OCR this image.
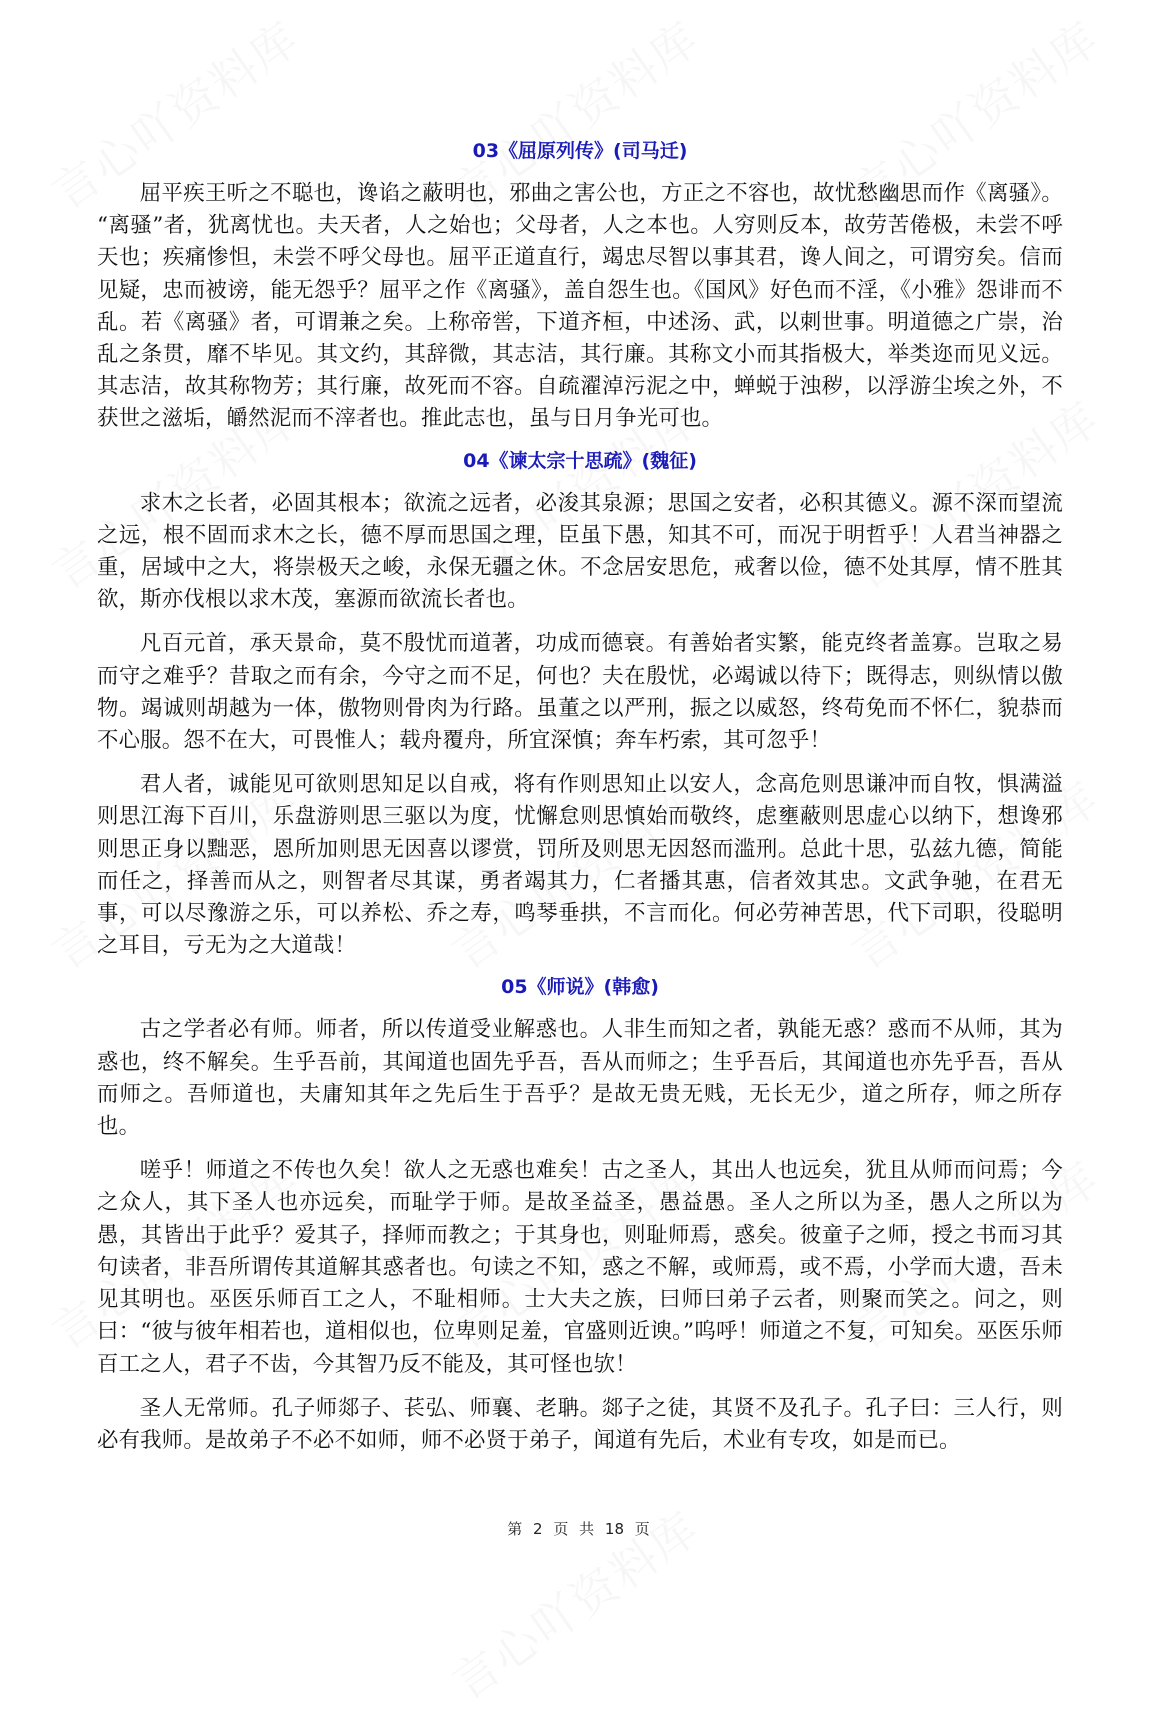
03《屈原列传》(司马迁)

屈平疾王听之不聪也，谗谄之蔽明也，邪曲之害公也，方正之不容也，故忧愁幽思而作《离骚》。 “离骚”者，犹离忧也。夫天者，人之始也；父母者，人之本也。人穷则反本，故劳苦倦极，未尝不呼天也；疾痛惨怛，未尝不呼父母也。屈平正道直行，竭忠尽智以事其君，谗人间之，可谓穷矣。信而见疑，忠而被谤，能无怨乎？屈平之作《离骚》，盖自怨生也。《国风》好色而不淫，《小雅》怨诽而不乱。若《离骚》者，可谓兼之矣。上称帝喾，下道齐桓，中述汤、武，以刺世事。明道德之广崇，治乱之条贯，靡不毕见。其文约，其辞微，其志洁，其行廉。其称文小而其指极大，举类迩而见义远。其志洁，故其称物芳；其行廉，故死而不容。自疏濯淖污泥之中，蝉蜕于浊秽，以浮游尘埃之外，不获世之滋垢，皭然泥而不滓者也。推此志也，虽与日月争光可也。

04《谏太宗十思疏》(魏征)

求木之长者，必固其根本；欲流之远者，必浚其泉源；思国之安者，必积其德义。源不深而望流之远，根不固而求木之长，德不厚而思国之理，臣虽下愚，知其不可，而况于明哲乎！人君当神器之重，居域中之大，将崇极天之峻，永保无疆之休。不念居安思危，戒奢以俭，德不处其厚，情不胜其欲，斯亦伐根以求木茂，塞源而欲流长者也。

凡百元首，承天景命，莫不殷忧而道著，功成而德衰。有善始者实繁，能克终者盖寡。岂取之易而守之难乎？昔取之而有余，今守之而不足，何也？夫在殷忧，必竭诚以待下；既得志，则纵情以傲物。竭诚则胡越为一体，傲物则骨肉为行路。虽董之以严刑，振之以威怒，终苟免而不怀仁，貌恭而不心服。怨不在大，可畏惟人；载舟覆舟，所宜深慎；奔车朽索，其可忽乎！

君人者，诚能见可欲则思知足以自戒，将有作则思知止以安人，念高危则思谦冲而自牧，惧满溢则思江海下百川，乐盘游则思三驱以为度，忧懈怠则思慎始而敬终，虑壅蔽则思虚心以纳下，想谗邪则思正身以黜恶，恩所加则思无因喜以谬赏，罚所及则思无因怒而滥刑。总此十思，弘兹九德，简能而任之，择善而从之，则智者尽其谋，勇者竭其力，仁者播其惠，信者效其忠。文武争驰，在君无事，可以尽豫游之乐，可以养松、乔之寿，鸣琴垂拱，不言而化。何必劳神苦思，代下司职，役聪明之耳目，亏无为之大道哉！

05《师说》(韩愈)

古之学者必有师。师者，所以传道受业解惑也。人非生而知之者，孰能无惑？惑而不从师，其为惑也，终不解矣。生乎吾前，其闻道也固先乎吾，吾从而师之；生乎吾后，其闻道也亦先乎吾，吾从而师之。吾师道也，夫庸知其年之先后生于吾乎？是故无贵无贱，无长无少，道之所存，师之所存也。

嗟乎！师道之不传也久矣！欲人之无惑也难矣！古之圣人，其出人也远矣，犹且从师而问焉；今之众人，其下圣人也亦远矣，而耻学于师。是故圣益圣，愚益愚。圣人之所以为圣，愚人之所以为愚，其皆出于此乎？爱其子，择师而教之；于其身也，则耻师焉，惑矣。彼童子之师，授之书而习其句读者，非吾所谓传其道解其惑者也。句读之不知，惑之不解，或师焉，或不焉，小学而大遗，吾未见其明也。巫医乐师百工之人，不耻相师。士大夫之族，曰师曰弟子云者，则聚而笑之。问之，则曰：“彼与彼年相若也，道相似也，位卑则足羞，官盛则近谀。”呜呼！师道之不复，可知矣。巫医乐师百工之人，君子不齿，今其智乃反不能及，其可怪也欤！

圣人无常师。孔子师郯子、苌弘、师襄、老聃。郯子之徒，其贤不及孔子。孔子曰：三人行，则必有我师。是故弟子不必不如师，师不必贤于弟子，闻道有先后，术业有专攻，如是而已。

第 2 页 共 18 页
